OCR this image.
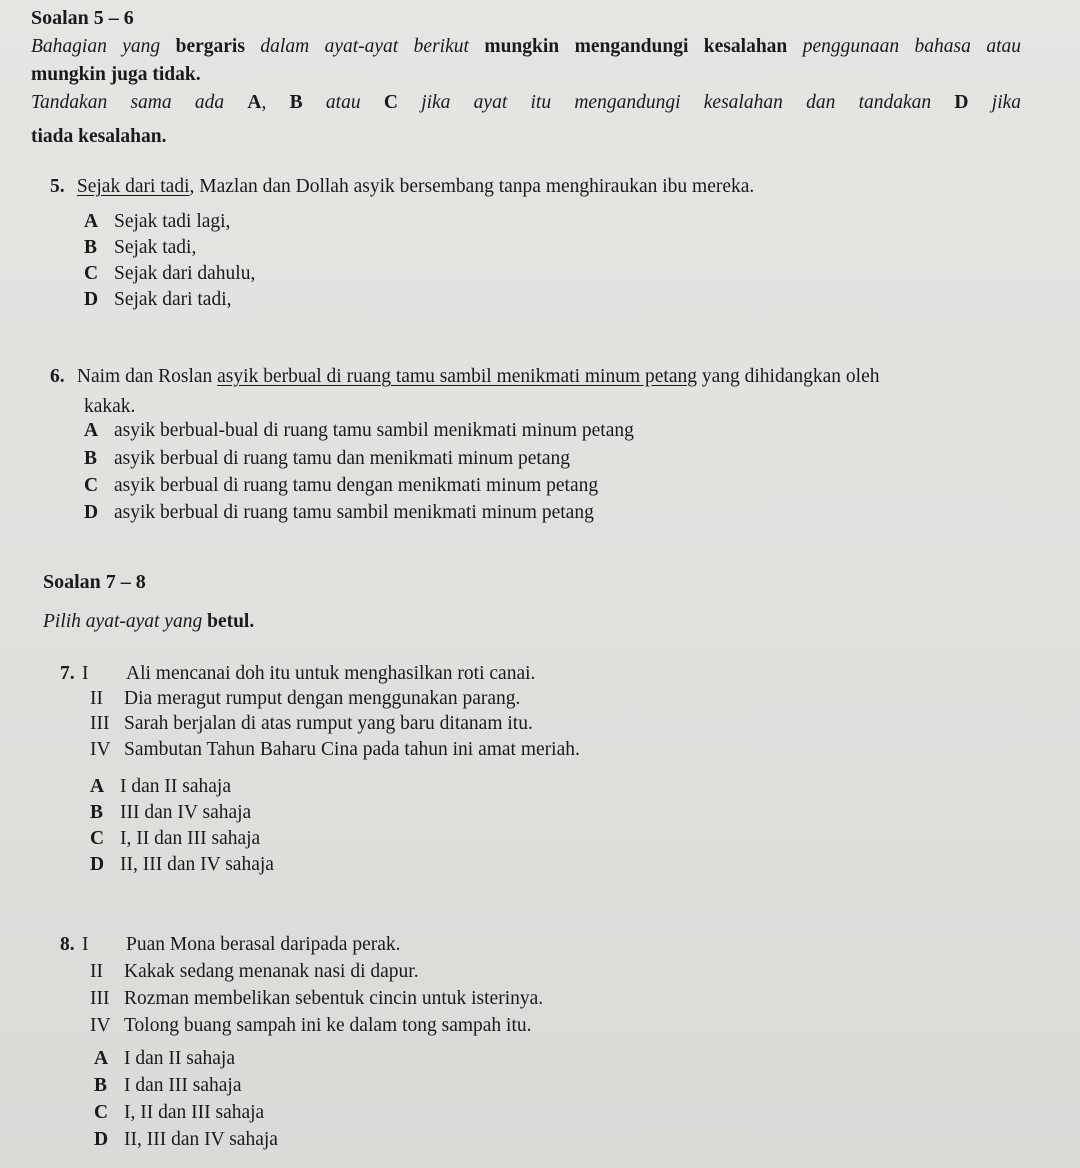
Soalan 5 – 6
Bahagian yang bergaris dalam ayat-ayat berikut mungkin mengandungi kesalahan penggunaan bahasa atau
mungkin juga tidak.
Tandakan sama ada A, B atau C jika ayat itu mengandungi kesalahan dan tandakan D jika
tiada kesalahan.
5. Sejak dari tadi, Mazlan dan Dollah asyik bersembang tanpa menghiraukan ibu mereka.
A Sejak tadi lagi,
B Sejak tadi,
C Sejak dari dahulu,
D Sejak dari tadi,
6. Naim dan Roslan asyik berbual di ruang tamu sambil menikmati minum petang yang dihidangkan oleh
kakak.
A asyik berbual-bual di ruang tamu sambil menikmati minum petang
B asyik berbual di ruang tamu dan menikmati minum petang
C asyik berbual di ruang tamu dengan menikmati minum petang
D asyik berbual di ruang tamu sambil menikmati minum petang
Soalan 7 – 8
Pilih ayat-ayat yang betul.
7. I Ali mencanai doh itu untuk menghasilkan roti canai.
II Dia meragut rumput dengan menggunakan parang.
III Sarah berjalan di atas rumput yang baru ditanam itu.
IV Sambutan Tahun Baharu Cina pada tahun ini amat meriah.
A I dan II sahaja
B III dan IV sahaja
C I, II dan III sahaja
D II, III dan IV sahaja
8. I Puan Mona berasal daripada perak.
II Kakak sedang menanak nasi di dapur.
III Rozman membelikan sebentuk cincin untuk isterinya.
IV Tolong buang sampah ini ke dalam tong sampah itu.
A I dan II sahaja
B I dan III sahaja
C I, II dan III sahaja
D II, III dan IV sahaja
